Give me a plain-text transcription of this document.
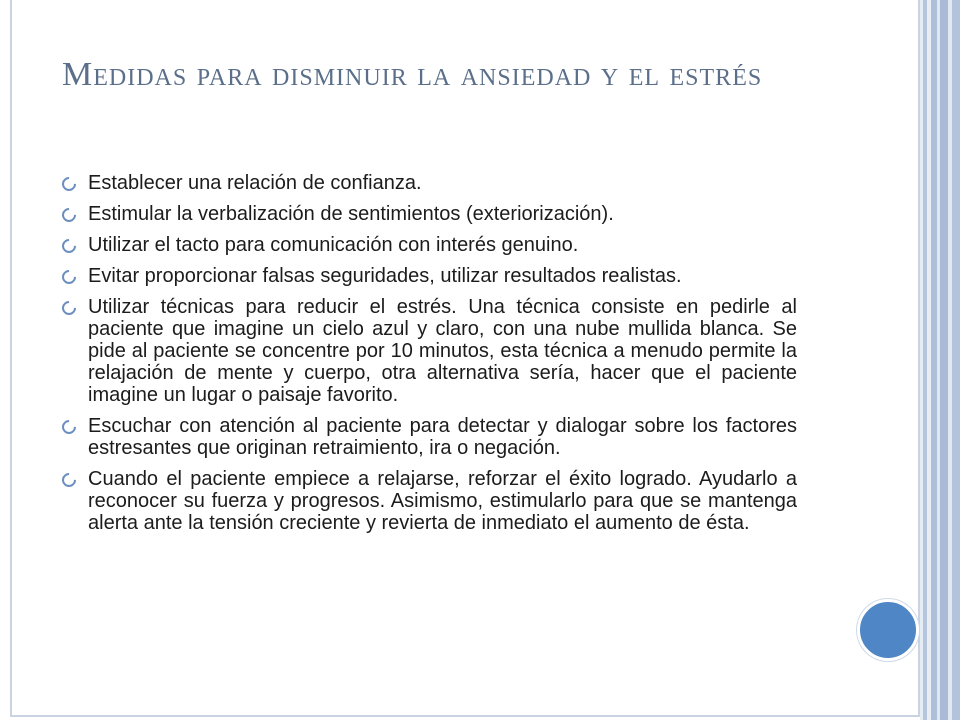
Medidas para disminuir la ansiedad y el estrés
Establecer una relación de confianza.
Estimular la verbalización de sentimientos (exteriorización).
Utilizar el tacto para comunicación con interés genuino.
Evitar proporcionar falsas seguridades, utilizar resultados realistas.
Utilizar técnicas para reducir el estrés. Una técnica consiste en pedirle al paciente que imagine un cielo azul y claro, con una nube mullida blanca. Se pide al paciente se concentre por 10 minutos, esta técnica a menudo permite la relajación de mente y cuerpo, otra alternativa sería, hacer que el paciente imagine un lugar o paisaje favorito.
Escuchar con atención al paciente para detectar y dialogar sobre los factores estresantes que originan retraimiento, ira o negación.
Cuando el paciente empiece a relajarse, reforzar el éxito logrado. Ayudarlo a reconocer su fuerza y progresos. Asimismo, estimularlo para que se mantenga alerta ante la tensión creciente y revierta de inmediato el aumento de ésta.
